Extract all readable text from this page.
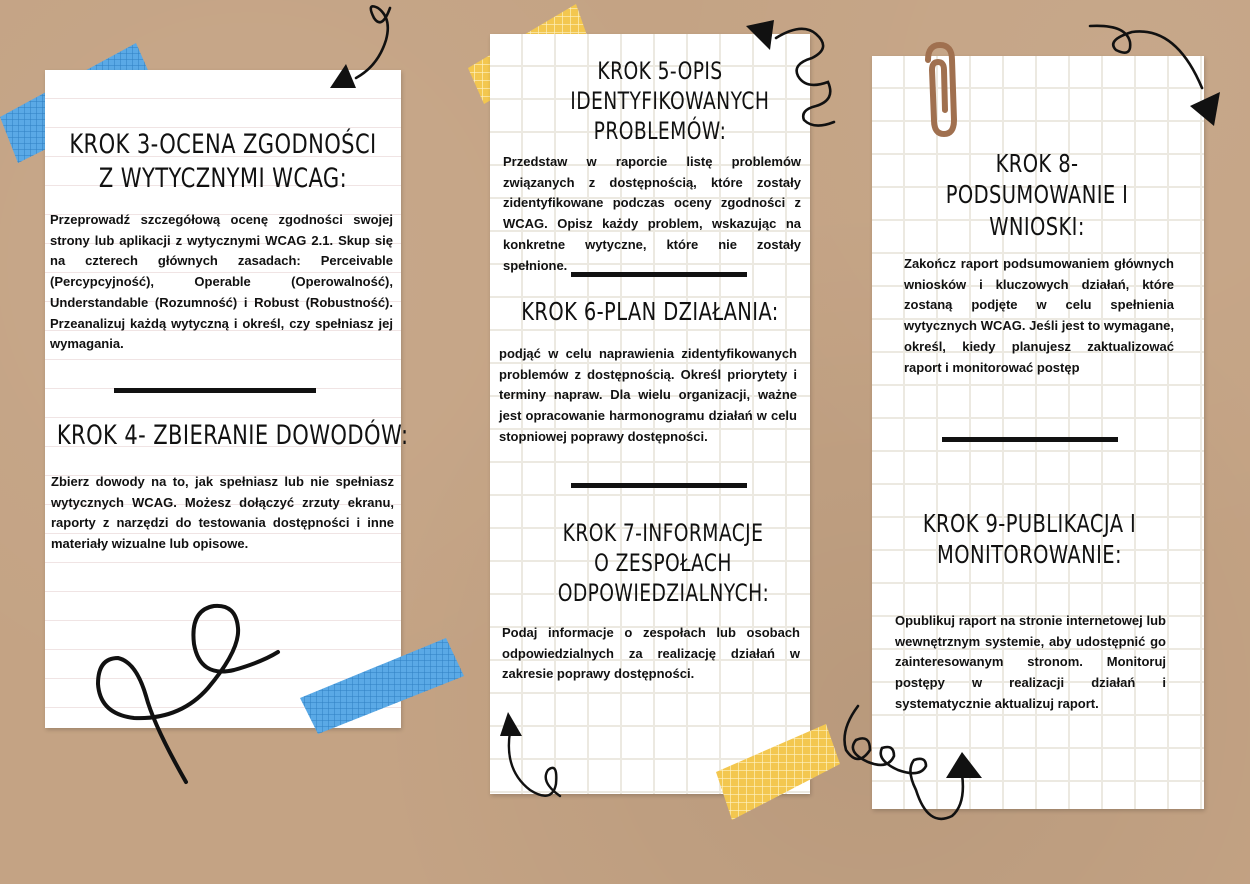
KROK 3-OCENA ZGODNOŚCI Z WYTYCZNYMI WCAG:
Przeprowadź szczegółową ocenę zgodności swojej strony lub aplikacji z wytycznymi WCAG 2.1. Skup się na czterech głównych zasadach: Perceivable (Percypcyjność), Operable (Operowalność), Understandable (Rozumność) i Robust (Robustność). Przeanalizuj każdą wytyczną i określ, czy spełniasz jej wymagania.
KROK 4- ZBIERANIE DOWODÓW:
Zbierz dowody na to, jak spełniasz lub nie spełniasz wytycznych WCAG. Możesz dołączyć zrzuty ekranu, raporty z narzędzi do testowania dostępności i inne materiały wizualne lub opisowe.
KROK 5-OPIS IDENTYFIKOWANYCH PROBLEMÓW:
Przedstaw w raporcie listę problemów związanych z dostępnością, które zostały zidentyfikowane podczas oceny zgodności z WCAG. Opisz każdy problem, wskazując na konkretne wytyczne, które nie zostały spełnione.
KROK 6-PLAN DZIAŁANIA:
podjąć w celu naprawienia zidentyfikowanych problemów z dostępnością. Określ priorytety i terminy napraw. Dla wielu organizacji, ważne jest opracowanie harmonogramu działań w celu stopniowej poprawy dostępności.
KROK 7-INFORMACJE O ZESPOŁACH ODPOWIEDZIALNYCH:
Podaj informacje o zespołach lub osobach odpowiedzialnych za realizację działań w zakresie poprawy dostępności.
KROK 8-PODSUMOWANIE I WNIOSKI:
Zakończ raport podsumowaniem głównych wniosków i kluczowych działań, które zostaną podjęte w celu spełnienia wytycznych WCAG. Jeśli jest to wymagane, określ, kiedy planujesz zaktualizować raport i monitorować postęp
KROK 9-PUBLIKACJA I MONITOROWANIE:
Opublikuj raport na stronie internetowej lub wewnętrznym systemie, aby udostępnić go zainteresowanym stronom. Monitoruj postępy w realizacji działań i systematycznie aktualizuj raport.
